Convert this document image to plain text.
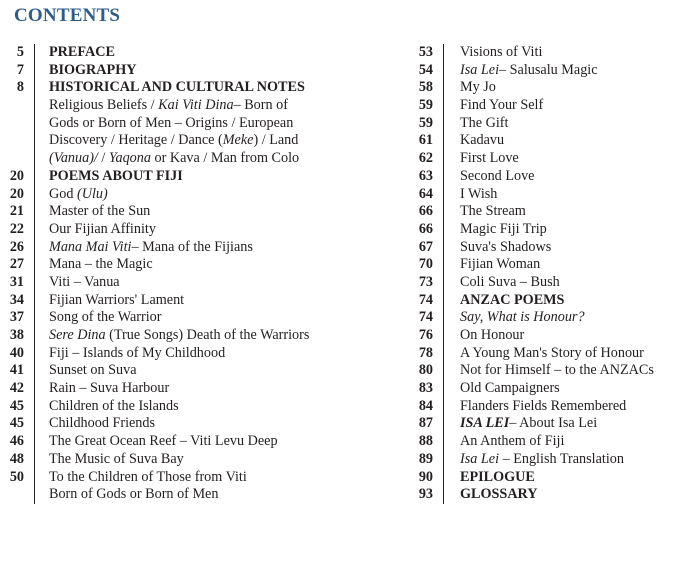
CONTENTS
5 PREFACE
7 BIOGRAPHY
8 HISTORICAL AND CULTURAL NOTES
Religious Beliefs / Kai Viti Dina– Born of
Gods or Born of Men – Origins / European
Discovery / Heritage / Dance (Meke) / Land
(Vanua)/ / Yaqona or Kava / Man from Colo
20 POEMS ABOUT FIJI
20 God (Ulu)
21 Master of the Sun
22 Our Fijian Affinity
26 Mana Mai Viti– Mana of the Fijians
27 Mana – the Magic
31 Viti – Vanua
34 Fijian Warriors' Lament
37 Song of the Warrior
38 Sere Dina (True Songs) Death of the Warriors
40 Fiji – Islands of My Childhood
41 Sunset on Suva
42 Rain – Suva Harbour
45 Children of the Islands
45 Childhood Friends
46 The Great Ocean Reef – Viti Levu Deep
48 The Music of Suva Bay
50 To the Children of Those from Viti
Born of Gods or Born of Men
53 Visions of Viti
54 Isa Lei– Salusalu Magic
58 My Jo
59 Find Your Self
59 The Gift
61 Kadavu
62 First Love
63 Second Love
64 I Wish
66 The Stream
66 Magic Fiji Trip
67 Suva's Shadows
70 Fijian Woman
73 Coli Suva – Bush
74 ANZAC POEMS
74 Say, What is Honour?
76 On Honour
78 A Young Man's Story of Honour
80 Not for Himself – to the ANZACs
83 Old Campaigners
84 Flanders Fields Remembered
87 ISA LEI– About Isa Lei
88 An Anthem of Fiji
89 Isa Lei – English Translation
90 EPILOGUE
93 GLOSSARY
